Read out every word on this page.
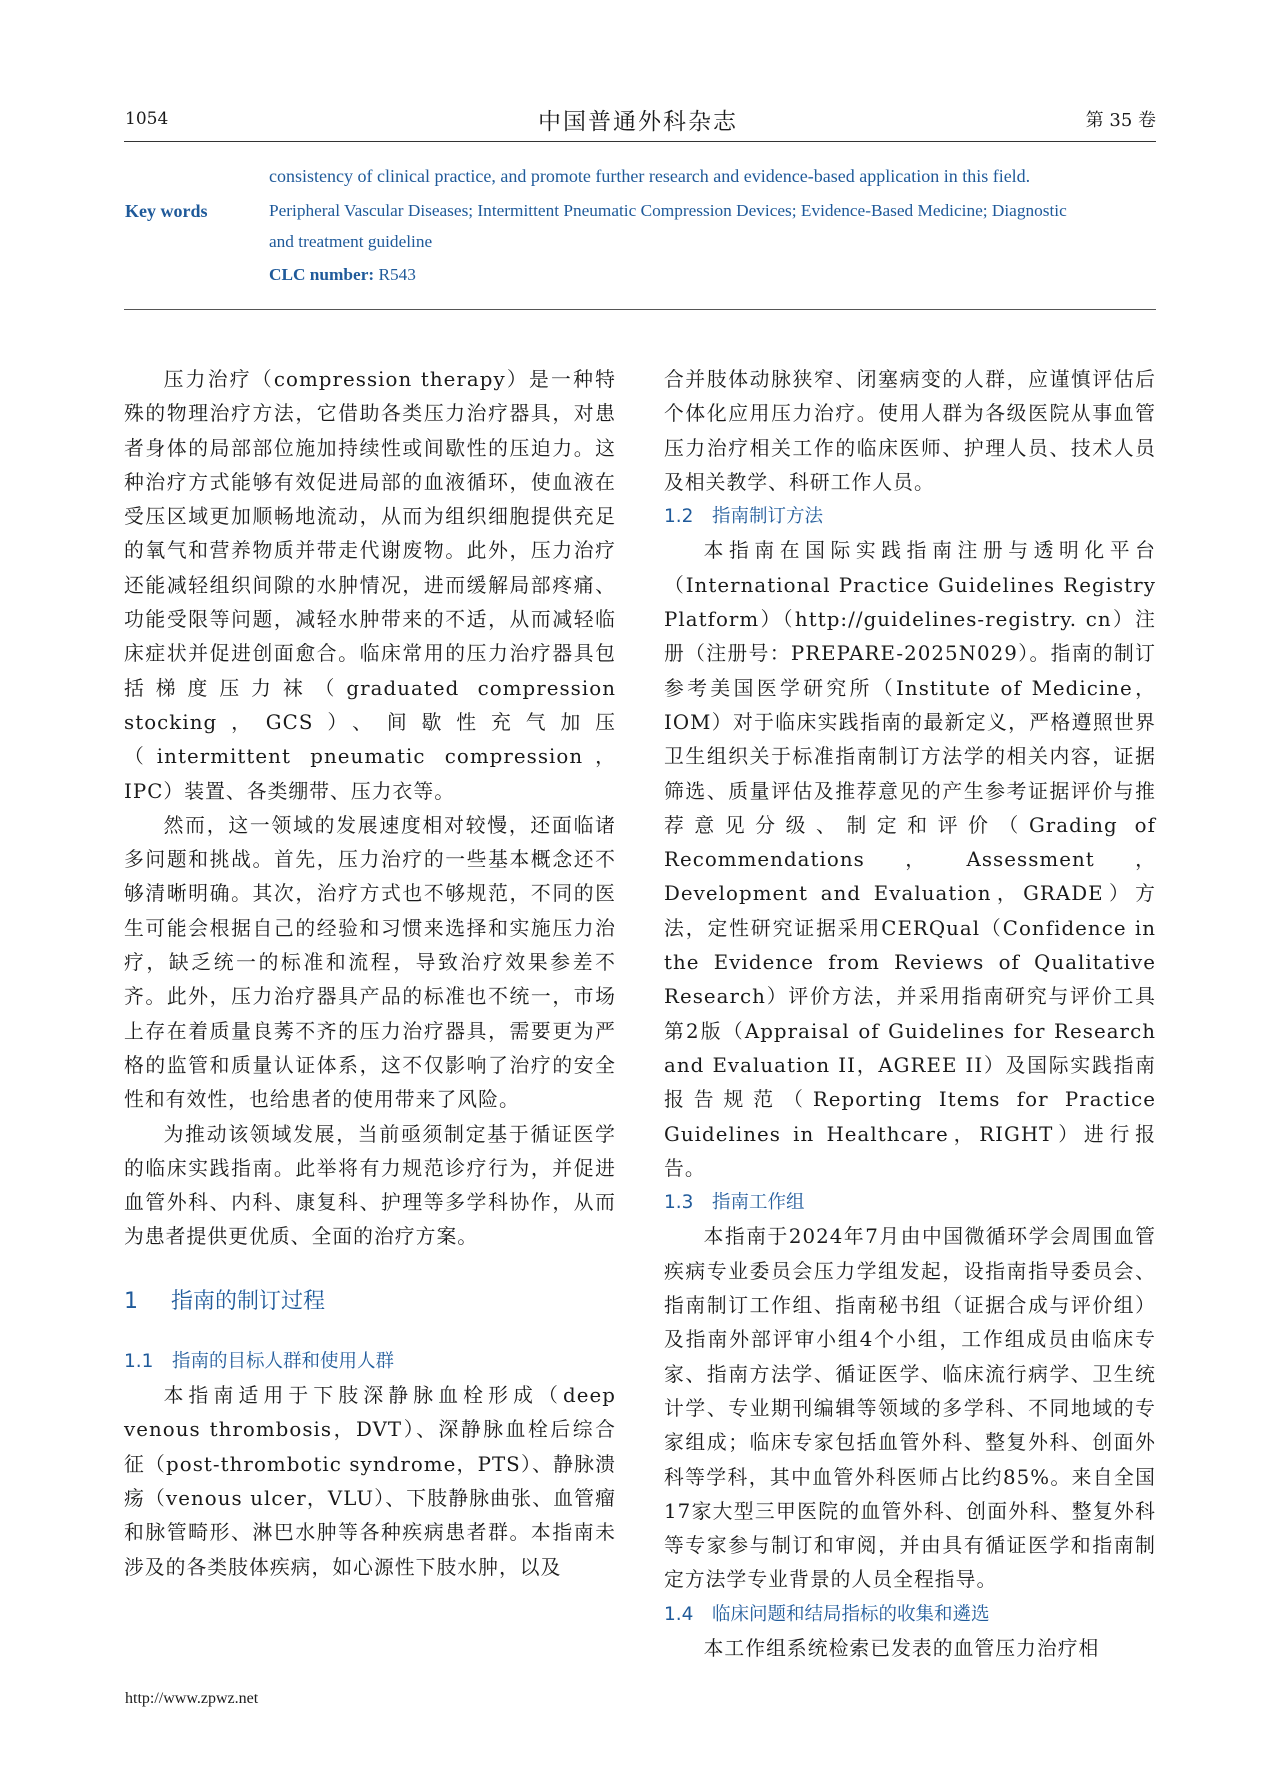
1054	中国普通外科杂志	第 35 卷
consistency of clinical practice, and promote further research and evidence-based application in this field.
Key words	Peripheral Vascular Diseases; Intermittent Pneumatic Compression Devices; Evidence-Based Medicine; Diagnostic
and treatment guideline
CLC number: R543

压力治疗（compression therapy）是一种特殊的物理治疗方法，它借助各类压力治疗器具，对患者身体的局部部位施加持续性或间歇性的压迫力。这种治疗方式能够有效促进局部的血液循环，使血液在受压区域更加顺畅地流动，从而为组织细胞提供充足的氧气和营养物质并带走代谢废物。此外，压力治疗还能减轻组织间隙的水肿情况，进而缓解局部疼痛、功能受限等问题，减轻水肿带来的不适，从而减轻临床症状并促进创面愈合。临床常用的压力治疗器具包括梯度压力袜（graduated compression stocking，GCS）、间歇性充气加压（intermittent pneumatic compression，IPC）装置、各类绷带、压力衣等。

然而，这一领域的发展速度相对较慢，还面临诸多问题和挑战。首先，压力治疗的一些基本概念还不够清晰明确。其次，治疗方式也不够规范，不同的医生可能会根据自己的经验和习惯来选择和实施压力治疗，缺乏统一的标准和流程，导致治疗效果参差不齐。此外，压力治疗器具产品的标准也不统一，市场上存在着质量良莠不齐的压力治疗器具，需要更为严格的监管和质量认证体系，这不仅影响了治疗的安全性和有效性，也给患者的使用带来了风险。

为推动该领域发展，当前亟须制定基于循证医学的临床实践指南。此举将有力规范诊疗行为，并促进血管外科、内科、康复科、护理等多学科协作，从而为患者提供更优质、全面的治疗方案。

1 指南的制订过程
1.1 指南的目标人群和使用人群

本指南适用于下肢深静脉血栓形成（deep venous thrombosis，DVT）、深静脉血栓后综合征（post-thrombotic syndrome，PTS）、静脉溃疡（venous ulcer，VLU）、下肢静脉曲张、血管瘤和脉管畸形、淋巴水肿等各种疾病患者群。本指南未涉及的各类肢体疾病，如心源性下肢水肿，以及

合并肢体动脉狭窄、闭塞病变的人群，应谨慎评估后个体化应用压力治疗。使用人群为各级医院从事血管压力治疗相关工作的临床医师、护理人员、技术人员及相关教学、科研工作人员。

1.2 指南制订方法

本指南在国际实践指南注册与透明化平台（International Practice Guidelines Registry Platform）（http://guidelines-registry. cn）注册（注册号：PREPARE-2025N029）。指南的制订参考美国医学研究所（Institute of Medicine，IOM）对于临床实践指南的最新定义，严格遵照世界卫生组织关于标准指南制订方法学的相关内容，证据筛选、质量评估及推荐意见的产生参考证据评价与推荐意见分级、制定和评价（Grading of Recommendations，Assessment，Development and Evaluation，GRADE）方法，定性研究证据采用CERQual（Confidence in the Evidence from Reviews of Qualitative Research）评价方法，并采用指南研究与评价工具第2版（Appraisal of Guidelines for Research and Evaluation II，AGREE II）及国际实践指南报告规范（Reporting Items for Practice Guidelines in Healthcare，RIGHT）进行报告。

1.3 指南工作组

本指南于2024年7月由中国微循环学会周围血管疾病专业委员会压力学组发起，设指南指导委员会、指南制订工作组、指南秘书组（证据合成与评价组）及指南外部评审小组4个小组，工作组成员由临床专家、指南方法学、循证医学、临床流行病学、卫生统计学、专业期刊编辑等领域的多学科、不同地域的专家组成；临床专家包括血管外科、整复外科、创面外科等学科，其中血管外科医师占比约85%。来自全国17家大型三甲医院的血管外科、创面外科、整复外科等专家参与制订和审阅，并由具有循证医学和指南制定方法学专业背景的人员全程指导。

1.4 临床问题和结局指标的收集和遴选

本工作组系统检索已发表的血管压力治疗相

http://www.zpwz.net
